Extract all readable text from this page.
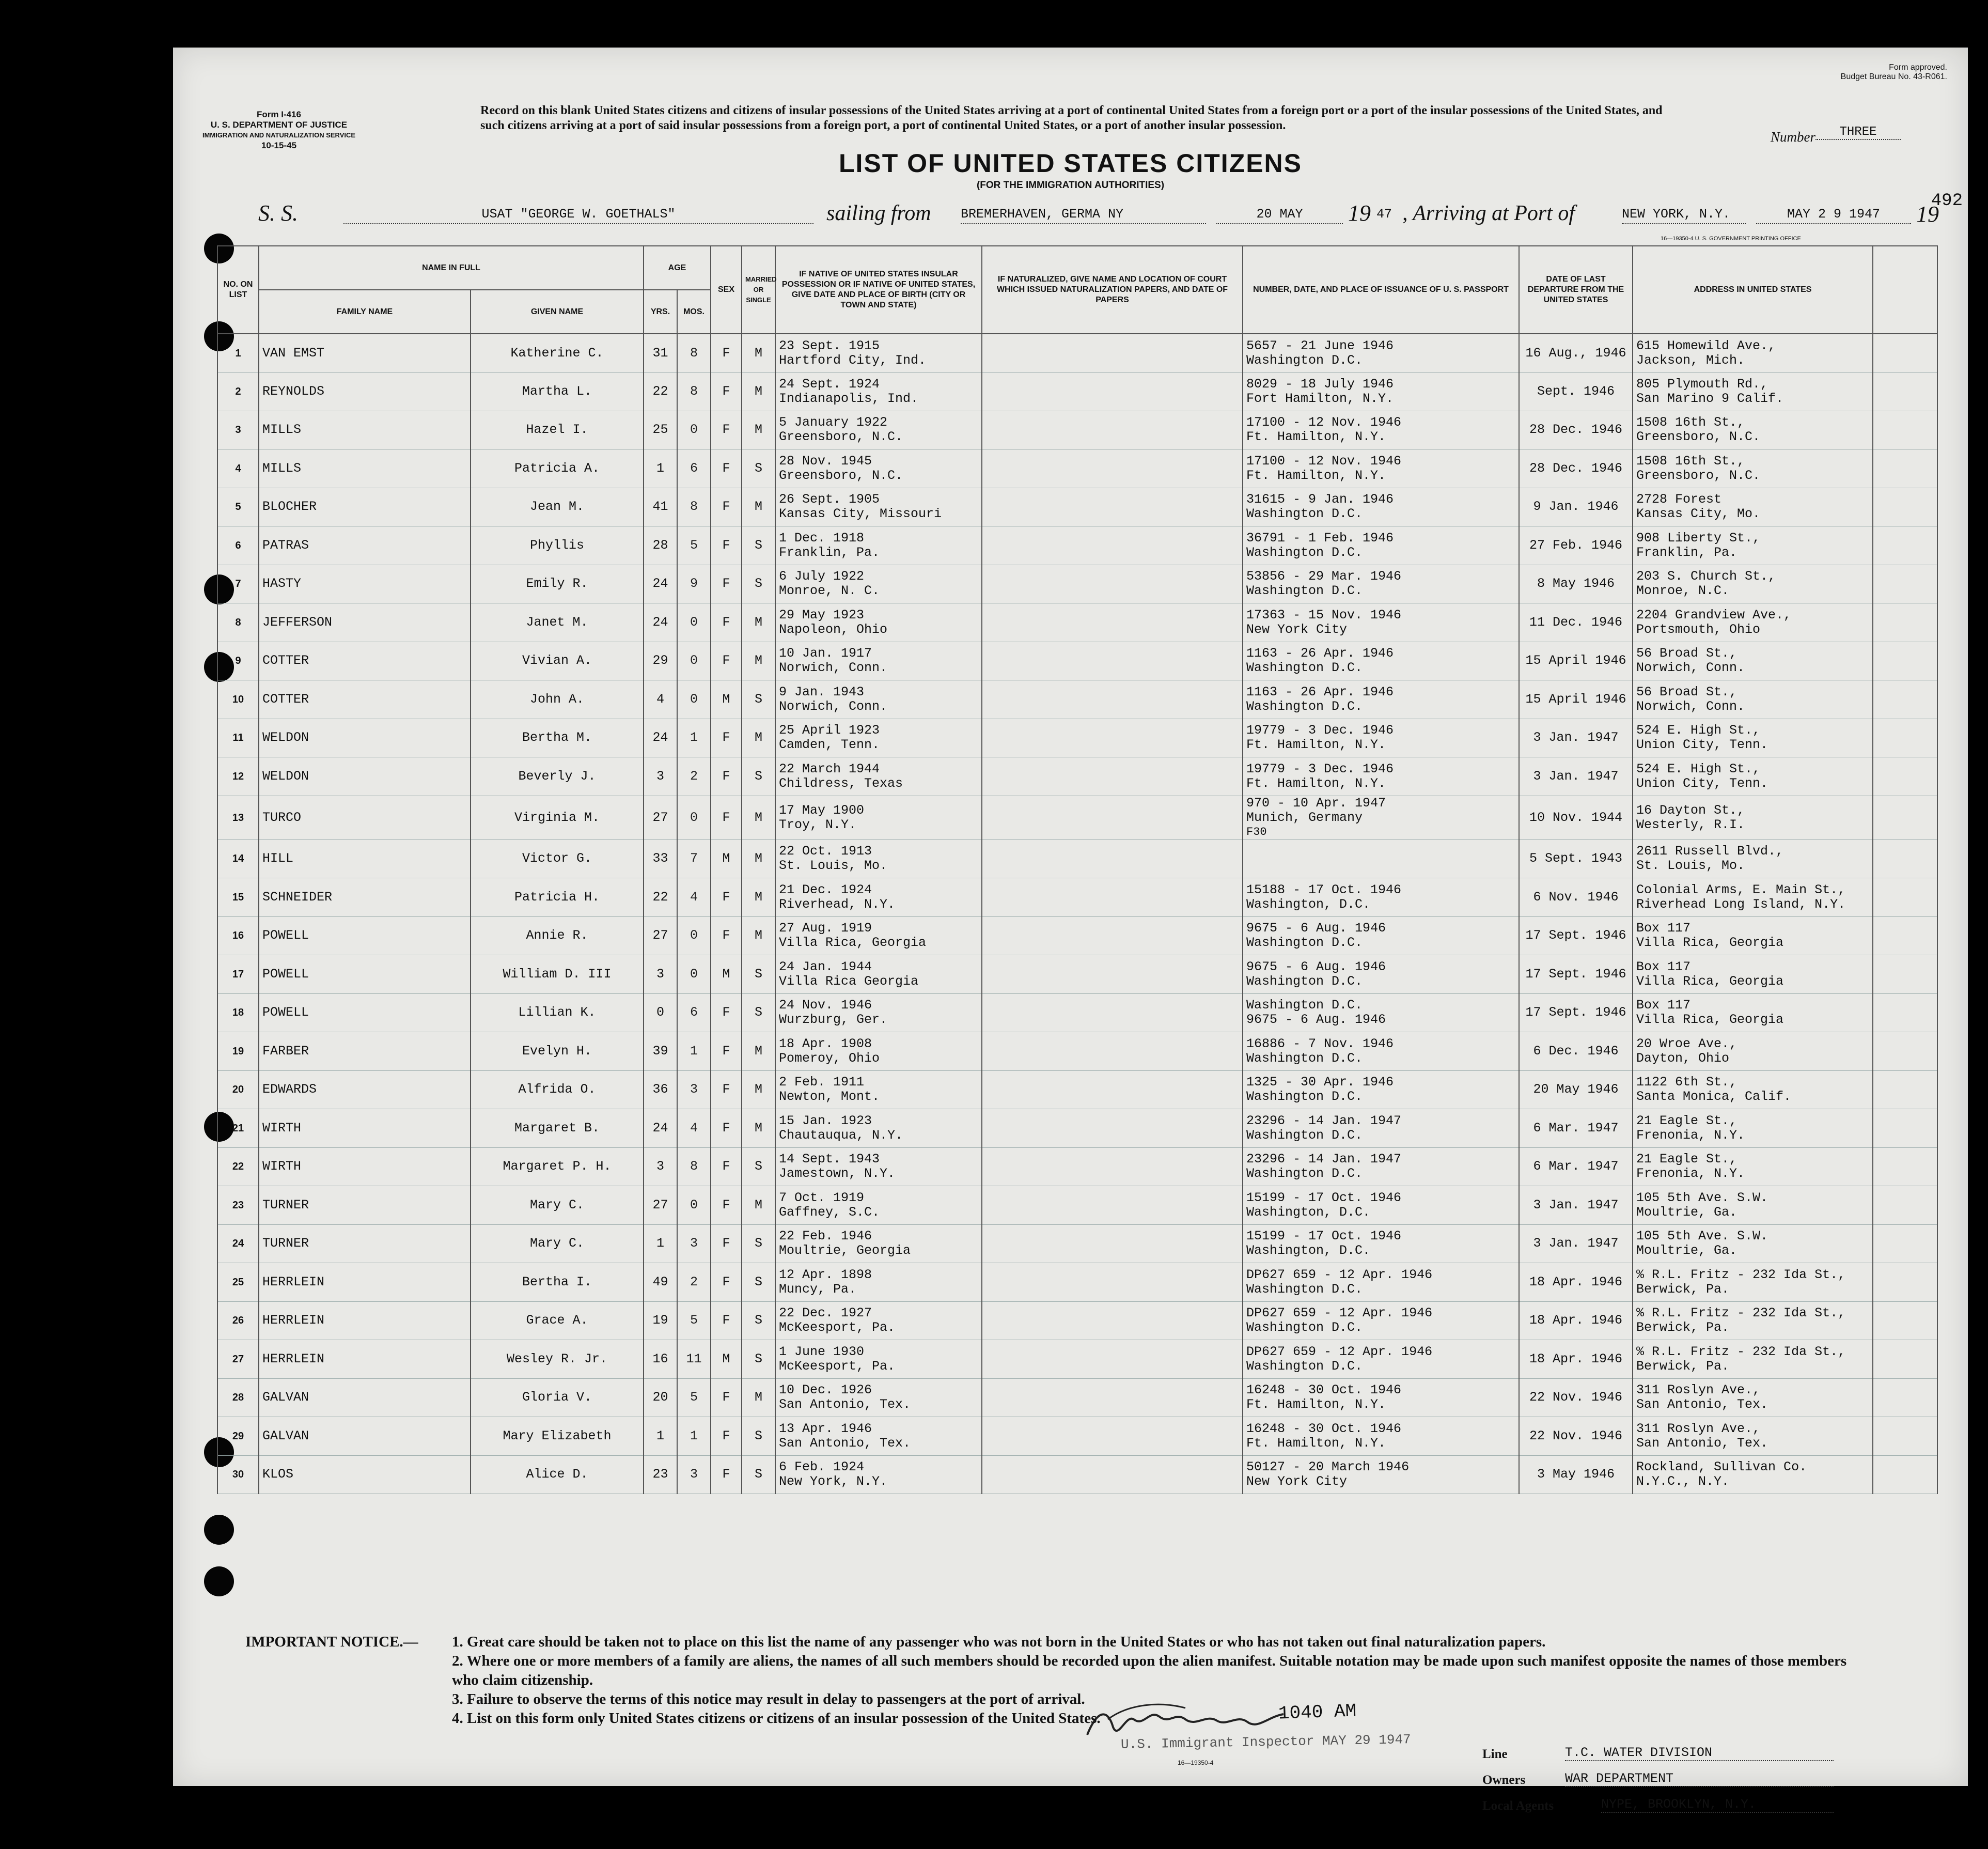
Form I-416
U. S. DEPARTMENT OF JUSTICE
IMMIGRATION AND NATURALIZATION SERVICE
10-15-45
Form approved.
Budget Bureau No. 43-R061.
Record on this blank United States citizens and citizens of insular possessions of the United States arriving at a port of continental United States from a foreign port or a port of the insular possessions of the United States, and such citizens arriving at a port of said insular possessions from a foreign port, a port of continental United States, or a port of another insular possession.
Number	THREE
LIST OF UNITED STATES CITIZENS
(FOR THE IMMIGRATION AUTHORITIES)
492
16—19350-4 U. S. GOVERNMENT PRINTING OFFICE
S. S.	USAT "GEORGE W. GOETHALS"	sailing from BREMERHAVEN, GERMA NY	20 MAY	19 47 , Arriving at Port of	NEW YORK, N.Y.	MAY 2 9 1947	19
NO. ON LIST	NAME IN FULL		AGE		SEX	MARRIED OR SINGLE	IF NATIVE OF UNITED STATES INSULAR POSSESSION OR IF NATIVE OF UNITED STATES, GIVE DATE AND PLACE OF BIRTH (CITY OR TOWN AND STATE)	IF NATURALIZED, GIVE NAME AND LOCATION OF COURT WHICH ISSUED NATURALIZATION PAPERS, AND DATE OF PAPERS	NUMBER, DATE, AND PLACE OF ISSUANCE OF U. S. PASSPORT	DATE OF LAST DEPARTURE FROM THE UNITED STATES	ADDRESS IN UNITED STATES	
	FAMILY NAME	GIVEN NAME	YRS.	MOS.								
1	VAN EMST	Katherine C.	31	8	F	M	23 Sept. 1915
Hartford City, Ind.		5657 - 21 June 1946
Washington D.C.	16 Aug., 1946	615 Homewild Ave.,
Jackson, Mich.	

2	REYNOLDS	Martha L.	22	8	F	M	24 Sept. 1924
Indianapolis, Ind.		8029 - 18 July 1946
Fort Hamilton, N.Y.	Sept. 1946	805 Plymouth Rd.,
San Marino 9 Calif.	

3	MILLS	Hazel I.	25	0	F	M	5 January 1922
Greensboro, N.C.		17100 - 12 Nov. 1946
Ft. Hamilton, N.Y.	28 Dec. 1946	1508 16th St.,
Greensboro, N.C.	

4	MILLS	Patricia A.	1	6	F	S	28 Nov. 1945
Greensboro, N.C.		17100 - 12 Nov. 1946
Ft. Hamilton, N.Y.	28 Dec. 1946	1508 16th St.,
Greensboro, N.C.	

5	BLOCHER	Jean M.	41	8	F	M	26 Sept. 1905
Kansas City, Missouri		31615 - 9 Jan. 1946
Washington D.C.	9 Jan. 1946	2728 Forest
Kansas City, Mo.	

6	PATRAS	Phyllis	28	5	F	S	1 Dec. 1918
Franklin, Pa.		36791 - 1 Feb. 1946
Washington D.C.	27 Feb. 1946	908 Liberty St.,
Franklin, Pa.	

7	HASTY	Emily R.	24	9	F	S	6 July 1922
Monroe, N. C.		53856 - 29 Mar. 1946
Washington D.C.	8 May 1946	203 S. Church St.,
Monroe, N.C.	

8	JEFFERSON	Janet M.	24	0	F	M	29 May 1923
Napoleon, Ohio		17363 - 15 Nov. 1946
New York City	11 Dec. 1946	2204 Grandview Ave.,
Portsmouth, Ohio	

9	COTTER	Vivian A.	29	0	F	M	10 Jan. 1917
Norwich, Conn.		1163 - 26 Apr. 1946
Washington D.C.	15 April 1946	56 Broad St.,
Norwich, Conn.	

10	COTTER	John A.	4	0	M	S	9 Jan. 1943
Norwich, Conn.		1163 - 26 Apr. 1946
Washington D.C.	15 April 1946	56 Broad St.,
Norwich, Conn.	

11	WELDON	Bertha M.	24	1	F	M	25 April 1923
Camden, Tenn.		19779 - 3 Dec. 1946
Ft. Hamilton, N.Y.	3 Jan. 1947	524 E. High St.,
Union City, Tenn.	

12	WELDON	Beverly J.	3	2	F	S	22 March 1944
Childress, Texas		19779 - 3 Dec. 1946
Ft. Hamilton, N.Y.	3 Jan. 1947	524 E. High St.,
Union City, Tenn.	

13	TURCO	Virginia M.	27	0	F	M	17 May 1900
Troy, N.Y.		970 - 10 Apr. 1947
Munich, Germany
F30	10 Nov. 1944	16 Dayton St.,
Westerly, R.I.	

14	HILL	Victor G.	33	7	M	M	22 Oct. 1913
St. Louis, Mo.			5 Sept. 1943	2611 Russell Blvd.,
St. Louis, Mo.	

15	SCHNEIDER	Patricia H.	22	4	F	M	21 Dec. 1924
Riverhead, N.Y.		15188 - 17 Oct. 1946
Washington, D.C.	6 Nov. 1946	Colonial Arms, E. Main St.,
Riverhead Long Island, N.Y.	

16	POWELL	Annie R.	27	0	F	M	27 Aug. 1919
Villa Rica, Georgia		9675 - 6 Aug. 1946
Washington D.C.	17 Sept. 1946	Box 117
Villa Rica, Georgia	

17	POWELL	William D. III	3	0	M	S	24 Jan. 1944
Villa Rica Georgia		9675 - 6 Aug. 1946
Washington D.C.	17 Sept. 1946	Box 117
Villa Rica, Georgia	

18	POWELL	Lillian K.	0	6	F	S	24 Nov. 1946
Wurzburg, Ger.		Washington D.C.
9675 - 6 Aug. 1946	17 Sept. 1946	Box 117
Villa Rica, Georgia	

19	FARBER	Evelyn H.	39	1	F	M	18 Apr. 1908
Pomeroy, Ohio		16886 - 7 Nov. 1946
Washington D.C.	6 Dec. 1946	20 Wroe Ave.,
Dayton, Ohio	

20	EDWARDS	Alfrida O.	36	3	F	M	2 Feb. 1911
Newton, Mont.		1325 - 30 Apr. 1946
Washington D.C.	20 May 1946	1122 6th St.,
Santa Monica, Calif.	

21	WIRTH	Margaret B.	24	4	F	M	15 Jan. 1923
Chautauqua, N.Y.		23296 - 14 Jan. 1947
Washington D.C.	6 Mar. 1947	21 Eagle St.,
Frenonia, N.Y.	

22	WIRTH	Margaret P. H.	3	8	F	S	14 Sept. 1943
Jamestown, N.Y.		23296 - 14 Jan. 1947
Washington D.C.	6 Mar. 1947	21 Eagle St.,
Frenonia, N.Y.	

23	TURNER	Mary C.	27	0	F	M	7 Oct. 1919
Gaffney, S.C.		15199 - 17 Oct. 1946
Washington, D.C.	3 Jan. 1947	105 5th Ave. S.W.
Moultrie, Ga.	

24	TURNER	Mary C.	1	3	F	S	22 Feb. 1946
Moultrie, Georgia		15199 - 17 Oct. 1946
Washington, D.C.	3 Jan. 1947	105 5th Ave. S.W.
Moultrie, Ga.	

25	HERRLEIN	Bertha I.	49	2	F	S	12 Apr. 1898
Muncy, Pa.		DP627 659 - 12 Apr. 1946
Washington D.C.	18 Apr. 1946	% R.L. Fritz - 232 Ida St.,
Berwick, Pa.	

26	HERRLEIN	Grace A.	19	5	F	S	22 Dec. 1927
McKeesport, Pa.		DP627 659 - 12 Apr. 1946
Washington D.C.	18 Apr. 1946	% R.L. Fritz - 232 Ida St.,
Berwick, Pa.	

27	HERRLEIN	Wesley R. Jr.	16	11	M	S	1 June 1930
McKeesport, Pa.		DP627 659 - 12 Apr. 1946
Washington D.C.	18 Apr. 1946	% R.L. Fritz - 232 Ida St.,
Berwick, Pa.	

28	GALVAN	Gloria V.	20	5	F	M	10 Dec. 1926
San Antonio, Tex.		16248 - 30 Oct. 1946
Ft. Hamilton, N.Y.	22 Nov. 1946	311 Roslyn Ave.,
San Antonio, Tex.	

29	GALVAN	Mary Elizabeth	1	1	F	S	13 Apr. 1946
San Antonio, Tex.		16248 - 30 Oct. 1946
Ft. Hamilton, N.Y.	22 Nov. 1946	311 Roslyn Ave.,
San Antonio, Tex.	

30	KLOS	Alice D.	23	3	F	S	6 Feb. 1924
New York, N.Y.		50127 - 20 March 1946
New York City	3 May 1946	Rockland, Sullivan Co.
N.Y.C., N.Y.	

1040 AM
U.S. Immigrant Inspector MAY 29 1947
Line	T.C. WATER DIVISION
Owners	WAR DEPARTMENT
Local Agents	NYPE, BROOKLYN, N.Y.
IMPORTANT NOTICE.—	1. Great care should be taken not to place on this list the name of any passenger who was not born in the United States or who has not taken out final naturalization papers.
2. Where one or more members of a family are aliens, the names of all such members should be recorded upon the alien manifest. Suitable notation may be made upon such manifest opposite the names of those members who claim citizenship.
3. Failure to observe the terms of this notice may result in delay to passengers at the port of arrival.
4. List on this form only United States citizens or citizens of an insular possession of the United States.
16—19350-4
